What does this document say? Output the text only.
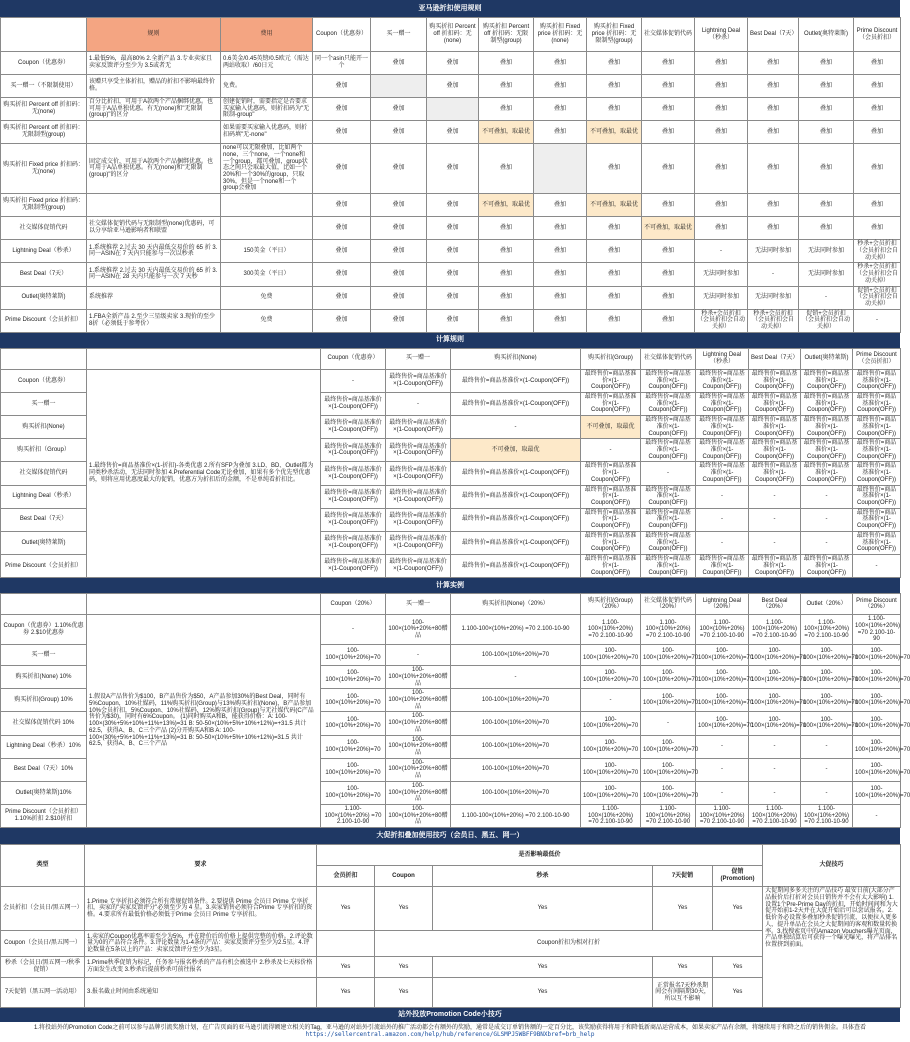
亚马逊折扣使用规则
	规则	费用	Coupon（优惠券）	买一赠一	购买折扣 Percent off 折扣码：无(none)	购买折扣 Percent off 折扣码：无限制型(group)	购买折扣 Fixed price 折扣码：无(none)	购买折扣 Fixed price 折扣码：无限制型(group)	社交媒体促销代码	Lightning Deal（秒杀）	Best Deal（7天）	Outlet(奥特莱斯)	Prime Discount（会员折扣）
Coupon（优惠券）	1.最低5%，最高80% 2.全新产品 3.专业卖家且卖家反馈评分至少为 3.5或者无	0.6美金/0.45英镑/0.5欧元（需达两站收取）/60日元	同一个asin只能开一个	叠加	叠加	叠加	叠加	叠加	叠加	叠加	叠加	叠加	叠加
买一赠一（不限制使用）	该赠只享受主体折扣，赠品的折扣不影响最终价格。	免费。	叠加		叠加	叠加	叠加	叠加	叠加	叠加	叠加	叠加	叠加
购买折扣 Percent off 折扣码：无(none)	百分比折扣，可用于A款两个产品捆绑优惠。也可用于A品单独优惠。有无(none)和"无限制(group)"的区分	创建促销时，需要指定是否要求买家输入优惠码，则折扣码为"无限制-group"	叠加	叠加		叠加	叠加	叠加	叠加	叠加	叠加	叠加	叠加
购买折扣 Percent off 折扣码：无限制型(group)		如果需要买家输入优惠码，则折扣码填"无-none"	叠加	叠加	叠加	不可叠加，取最优	叠加	不可叠加，取最优	叠加	叠加	叠加	叠加	叠加
购买折扣 Fixed price 折扣码：无(none)	固定成交价，可用于A款两个产品捆绑优惠。也可用于A品单独优惠。有无(none)和"无限制(group)"的区分	none可以无限叠加，比如两个none，三个none，一个none和一个group，都可叠加，group状态之间只会取最大值，比如一个20%和一个30%的group，只取30%，但是一个none和一个group会叠加	叠加	叠加	叠加	叠加		叠加	叠加	叠加	叠加	叠加	叠加
购买折扣 Fixed price 折扣码：无限制型(group)			叠加	叠加	叠加	不可叠加，取最优	叠加	不可叠加，取最优	叠加	叠加	叠加	叠加	叠加
社交媒体促销代码	社交媒体促销代码与无限制型(none)优惠码，可以分享给亚马逊影响者和联盟		叠加	叠加	叠加	叠加	叠加	叠加	不可叠加，取最优	叠加	叠加	叠加	叠加
Lightning Deal（秒杀）	1.系统推荐 2.过去 30 天内最低交易价的 65 折 3.同一ASIN在 7 天内只能参与一次以秒杀	150美金（平日）	叠加	叠加	叠加	叠加	叠加	叠加	叠加	-	无法同时参加	无法同时参加	秒杀+会员折扣（会员折扣会自动关掉）
Best Deal（7天）	1.系统推荐 2.过去 30 天内最低交易价的 65 折 3.同一ASIN在 28 天内只能参与一次 7 天秒	300美金（平日）	叠加	叠加	叠加	叠加	叠加	叠加	叠加	无法同时参加	-	无法同时参加	秒杀+会员折扣（会员折扣会自动关掉）
Outlet(奥特莱斯)	系统推荐	免费	叠加	叠加	叠加	叠加	叠加	叠加	叠加	无法同时参加	无法同时参加	-	促销+会员折扣（会员折扣会自动关掉）
Prime Discount（会员折扣）	1.FBA全新产品 2.至少三星级卖家 3.现价的至少8折（必须低于参考价）	免费	叠加	叠加	叠加	叠加	叠加	叠加	叠加	秒杀+会员折扣（会员折扣会自动关掉）	秒杀+会员折扣（会员折扣会自动关掉）	促销+会员折扣（会员折扣会自动关掉）	-
计算规则
		Coupon（优惠券）	买一赠一	购买折扣(None)	购买折扣(Group)	社交媒体促销代码	Lightning Deal（秒杀）	Best Deal（7天）	Outlet(奥特莱斯)	Prime Discount（会员折扣）
Coupon（优惠券）	1.最终售价=商品基准价×(1-折扣)-各类优惠 2.所有SFP为叠加 3.LD、BD、Outlet都为同类秒杀活动，无法同时参加 4.Preferential Code无论叠加，如果有多个优先型优惠码，则将应用优惠度最大的促销，优惠方为折扣后的金额，不是单纯看折扣比。	-	最终售价=商品基准价×(1-Coupon(OFF))	最终售价=商品基准价×(1-Coupon(OFF))	最终售价=商品基准价×(1-Coupon(OFF))	最终售价=商品基准价×(1-Coupon(OFF))	最终售价=商品基准价×(1-Coupon(OFF))	最终售价=商品基准价×(1-Coupon(OFF))	最终售价=商品基准价×(1-Coupon(OFF))	最终售价=商品基准价×(1-Coupon(OFF))
买一赠一		最终售价=商品基准价×(1-Coupon(OFF))	-	最终售价=商品基准价×(1-Coupon(OFF))	最终售价=商品基准价×(1-Coupon(OFF))	最终售价=商品基准价×(1-Coupon(OFF))	最终售价=商品基准价×(1-Coupon(OFF))	最终售价=商品基准价×(1-Coupon(OFF))	最终售价=商品基准价×(1-Coupon(OFF))	最终售价=商品基准价×(1-Coupon(OFF))
购买折扣(None)		最终售价=商品基准价×(1-Coupon(OFF))	最终售价=商品基准价×(1-Coupon(OFF))	-	不可叠加，取最优	最终售价=商品基准价×(1-Coupon(OFF))	最终售价=商品基准价×(1-Coupon(OFF))	最终售价=商品基准价×(1-Coupon(OFF))	最终售价=商品基准价×(1-Coupon(OFF))	最终售价=商品基准价×(1-Coupon(OFF))
购买折扣（Group）		最终售价=商品基准价×(1-Coupon(OFF))	最终售价=商品基准价×(1-Coupon(OFF))	不可叠加，取最优	-	最终售价=商品基准价×(1-Coupon(OFF))	最终售价=商品基准价×(1-Coupon(OFF))	最终售价=商品基准价×(1-Coupon(OFF))	最终售价=商品基准价×(1-Coupon(OFF))	最终售价=商品基准价×(1-Coupon(OFF))
社交媒体促销代码		最终售价=商品基准价×(1-Coupon(OFF))	最终售价=商品基准价×(1-Coupon(OFF))	最终售价=商品基准价×(1-Coupon(OFF))	最终售价=商品基准价×(1-Coupon(OFF))	-	最终售价=商品基准价×(1-Coupon(OFF))	最终售价=商品基准价×(1-Coupon(OFF))	最终售价=商品基准价×(1-Coupon(OFF))	最终售价=商品基准价×(1-Coupon(OFF))
Lightning Deal（秒杀）		最终售价=商品基准价×(1-Coupon(OFF))	最终售价=商品基准价×(1-Coupon(OFF))	最终售价=商品基准价×(1-Coupon(OFF))	最终售价=商品基准价×(1-Coupon(OFF))	最终售价=商品基准价×(1-Coupon(OFF))	-	-	-	最终售价=商品基准价×(1-Coupon(OFF))
Best Deal（7天）		最终售价=商品基准价×(1-Coupon(OFF))	最终售价=商品基准价×(1-Coupon(OFF))	最终售价=商品基准价×(1-Coupon(OFF))	最终售价=商品基准价×(1-Coupon(OFF))	最终售价=商品基准价×(1-Coupon(OFF))	-	-	-	最终售价=商品基准价×(1-Coupon(OFF))
Outlet(奥特莱斯)		最终售价=商品基准价×(1-Coupon(OFF))	最终售价=商品基准价×(1-Coupon(OFF))	最终售价=商品基准价×(1-Coupon(OFF))	最终售价=商品基准价×(1-Coupon(OFF))	最终售价=商品基准价×(1-Coupon(OFF))	-	-	-	最终售价=商品基准价×(1-Coupon(OFF))
Prime Discount（会员折扣）		最终售价=商品基准价×(1-Coupon(OFF))	最终售价=商品基准价×(1-Coupon(OFF))	最终售价=商品基准价×(1-Coupon(OFF))	最终售价=商品基准价×(1-Coupon(OFF))	最终售价=商品基准价×(1-Coupon(OFF))	最终售价=商品基准价×(1-Coupon(OFF))	最终售价=商品基准价×(1-Coupon(OFF))	最终售价=商品基准价×(1-Coupon(OFF))	-
计算实例
		Coupon（20%）	买一赠一	购买折扣(None)（20%）	购买折扣(Group)（20%）	社交媒体促销代码（20%）	Lightning Deal（20%）	Best Deal（20%）	Outlet（20%）	Prime Discount（20%）
Coupon（优惠券）1.10%优惠券 2.$10优惠券	1.假设A产品售价为$100，B产品售价为$50，A产品参加30%的Best Deal，同时有5%Coupon，10%社媒码，11%购买折扣(Group)与13%购买折扣(None)，B产品参加10%会员折扣，5%Coupon、10%社媒码，12%购买折扣(Group)与无社媒代码(C产品售价为$30)，同时有6%Coupon。 (1)同时购买A和B，能获得价格：A: 100-100×(30%+5%+10%+11%+13%)=31 B: 50-50×(10%+5%+10%+12%)=+31.5 共计62.5，获得A、B、C三个产品 (2)分开购买A和B A: 100-100×(30%+5%+10%+11%+13%)=31 B: 50-50×(10%+5%+10%+12%)=31.5 共计62.5，获得A、B、C三个产品	-	100-100×(10%+20%+80赠品	1.100-100×(10%+20%) =70 2.100-10-90	1.100-100×(10%+20%) =70 2.100-10-90	1.100-100×(10%+20%) =70 2.100-10-90	1.100-100×(10%+20%) =70 2.100-10-90	1.100-100×(10%+20%) =70 2.100-10-90	1.100-100×(10%+20%) =70 2.100-10-90	1.100-100×(10%+20%) =70 2.100-10-90
买一赠一		100-100×(10%+20%)=70	-	100-100×(10%+20%)=70	100-100×(10%+20%)=70	100-100×(10%+20%)=70	100-100×(10%+20%)=70	100-100×(10%+20%)=70	100-100×(10%+20%)=70	100-100×(10%+20%)=70
购买折扣(None) 10%		100-100×(10%+20%)=70	100-100×(10%+20%+80赠品	-	100-100×(10%+20%)=70	100-100×(10%+20%)=70	100-100×(10%+20%)=70	100-100×(10%+20%)=70	100-100×(10%+20%)=70	100-100×(10%+20%)=70
购买折扣(Group) 10%		100-100×(10%+20%)=70	100-100×(10%+20%+80赠品	100-100×(10%+20%)=70	-	100-100×(10%+20%)=70	100-100×(10%+20%)=70	100-100×(10%+20%)=70	100-100×(10%+20%)=70	100-100×(10%+20%)=70
社交媒体促销代码 10%		100-100×(10%+20%)=70	100-100×(10%+20%+80赠品	100-100×(10%+20%)=70	100-100×(10%+20%)=70	-	100-100×(10%+20%)=70	100-100×(10%+20%)=70	100-100×(10%+20%)=70	100-100×(10%+20%)=70
Lightning Deal（秒杀）10%		100-100×(10%+20%)=70	100-100×(10%+20%+80赠品	100-100×(10%+20%)=70	100-100×(10%+20%)=70	100-100×(10%+20%)=70	-	-	-	100-100×(10%+20%)=70
Best Deal（7天）10%		100-100×(10%+20%)=70	100-100×(10%+20%+80赠品	100-100×(10%+20%)=70	100-100×(10%+20%)=70	100-100×(10%+20%)=70	-	-	-	100-100×(10%+20%)=70
Outlet(奥特莱斯)10%		100-100×(10%+20%)=70	100-100×(10%+20%+80赠品	100-100×(10%+20%)=70	100-100×(10%+20%)=70	100-100×(10%+20%)=70	-	-	-	100-100×(10%+20%)=70
Prime Discount（会员折扣）1.10%折扣 2.$10折扣		1.100-100×(10%+20%) =70 2.100-10-90	100-100×(10%+20%+80赠品	1.100-100×(10%+20%) =70 2.100-10-90	1.100-100×(10%+20%) =70 2.100-10-90	1.100-100×(10%+20%) =70 2.100-10-90	1.100-100×(10%+20%) =70 2.100-10-90	1.100-100×(10%+20%) =70 2.100-10-90	1.100-100×(10%+20%) =70 2.100-10-90	-
大促折扣叠加使用技巧（会员日、黑五、网一）
类型	要求	是否影响最低价					大促技巧
		会员折扣	Coupon	秒杀	7天促销	促销(Promotion)	
会员折扣（会员日/黑五网一）	1.Prime 专享折扣必须符合所有常规促销条件。2.要提供 Prime 会员日 Prime 专享折扣，卖家的"卖家反馈评分"必须至少为 4 星。3.卖家销售必须符合Prime 专享折扣的资格。4.要求所有最低价格必须低于Prime 会员日 Prime 专享折扣。	Yes	Yes	Yes	Yes	Yes	大促期间多多关注的产品技巧 最安日前(大部分产品报价后打折对会员日销售并不会有太大影响) 1.设置1个Pre-Prime Day的折扣，开始时间间和为大促开始前1-2天并在大促开始后可以尝试报名。2.低价务必设置多叠加秒杀促销引流，以便拉入更多人，提升单品在会员之大促期间的客观和数量转换率。3.找搜索页中的Amazon Vouchers曝光页面，产品单独结算后可获得一个曝光曝光，将产品排名位置挤到前面。
Coupon（会员日/黑五网一）	1.卖家的Coupon优惠率需至少为5%，并在降价后的价格上提供完整的价格。2.评论数量为0的产品符合条件。3.评论数量为1-4条的产品：卖家反馈评分至少为2.5星。4.评论数量在5条以上的产品：卖家反馈评分至少为3星。		Coupon折扣为相对打折				
秒杀（会员日/黑五网一/秋季促销）	1.Prime秋季促销为标记，任务参与报名秒杀的产品有机会被选中 2.秒杀及七天标价格方面发生改变 3.秒杀后提前秒杀可前往报名	Yes	Yes	Yes	Yes	Yes	
7天促销（黑五网一活动用）	3.报名截止时间由系统通知	Yes	Yes	Yes	正常报名7天秒杀期间会有间隔期30天，所以互不影响	Yes	
站外投放Promotion Code小技巧
1.将投站外的Promotion Code之前可以参与品牌引流奖励计划，在广告页面的亚马逊引流得额建立相关的Tag，亚马逊的对站外引流站外的推广活动都会有额外的奖励，通常是成交订单销售额的一定百分比，该奖励获得将用于和降低新商品运营成本，如果卖家产品有余额，将继续用于和降之后的销售佣金。具体查看 https://sellercentral.amazon.com/help/hub/reference/GLSMPJ5WBFF9BNXbref=brb_help
